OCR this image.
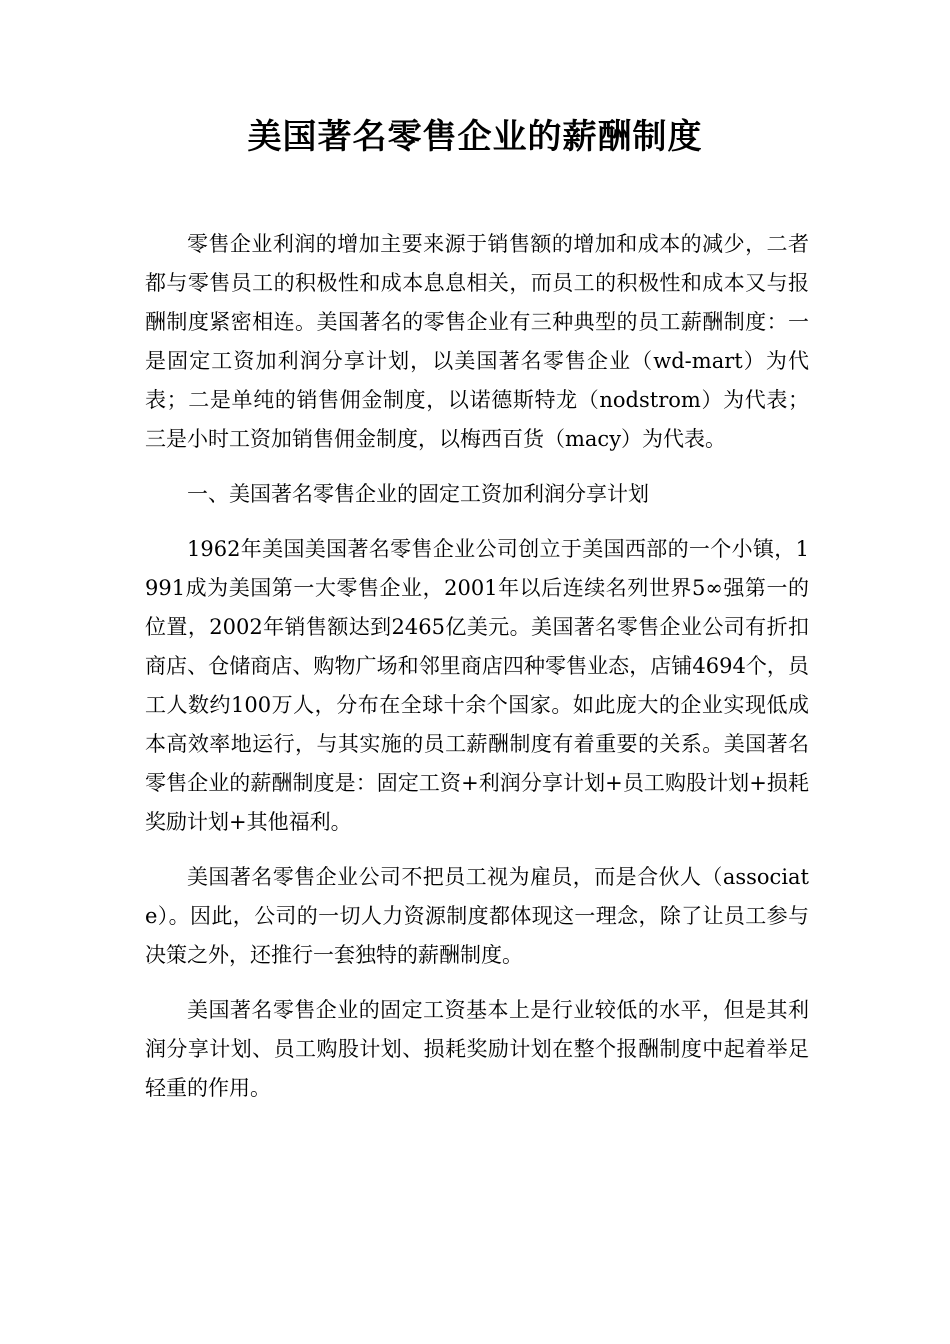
美国著名零售企业的薪酬制度

零售企业利润的增加主要来源于销售额的增加和成本的减少，二者都与零售员工的积极性和成本息息相关，而员工的积极性和成本又与报酬制度紧密相连。美国著名的零售企业有三种典型的员工薪酬制度：一是固定工资加利润分享计划，以美国著名零售企业（wd-mart）为代表；二是单纯的销售佣金制度，以诺德斯特龙（nodstrom）为代表；三是小时工资加销售佣金制度，以梅西百货（macy）为代表。

一、美国著名零售企业的固定工资加利润分享计划

1962年美国美国著名零售企业公司创立于美国西部的一个小镇，1991成为美国第一大零售企业，2001年以后连续名列世界5∞强第一的位置，2002年销售额达到2465亿美元。美国著名零售企业公司有折扣商店、仓储商店、购物广场和邻里商店四种零售业态，店铺4694个，员工人数约100万人，分布在全球十余个国家。如此庞大的企业实现低成本高效率地运行，与其实施的员工薪酬制度有着重要的关系。美国著名零售企业的薪酬制度是：固定工资+利润分享计划+员工购股计划+损耗奖励计划+其他福利。

美国著名零售企业公司不把员工视为雇员，而是合伙人（associate）。因此，公司的一切人力资源制度都体现这一理念，除了让员工参与决策之外，还推行一套独特的薪酬制度。

美国著名零售企业的固定工资基本上是行业较低的水平，但是其利润分享计划、员工购股计划、损耗奖励计划在整个报酬制度中起着举足轻重的作用。
